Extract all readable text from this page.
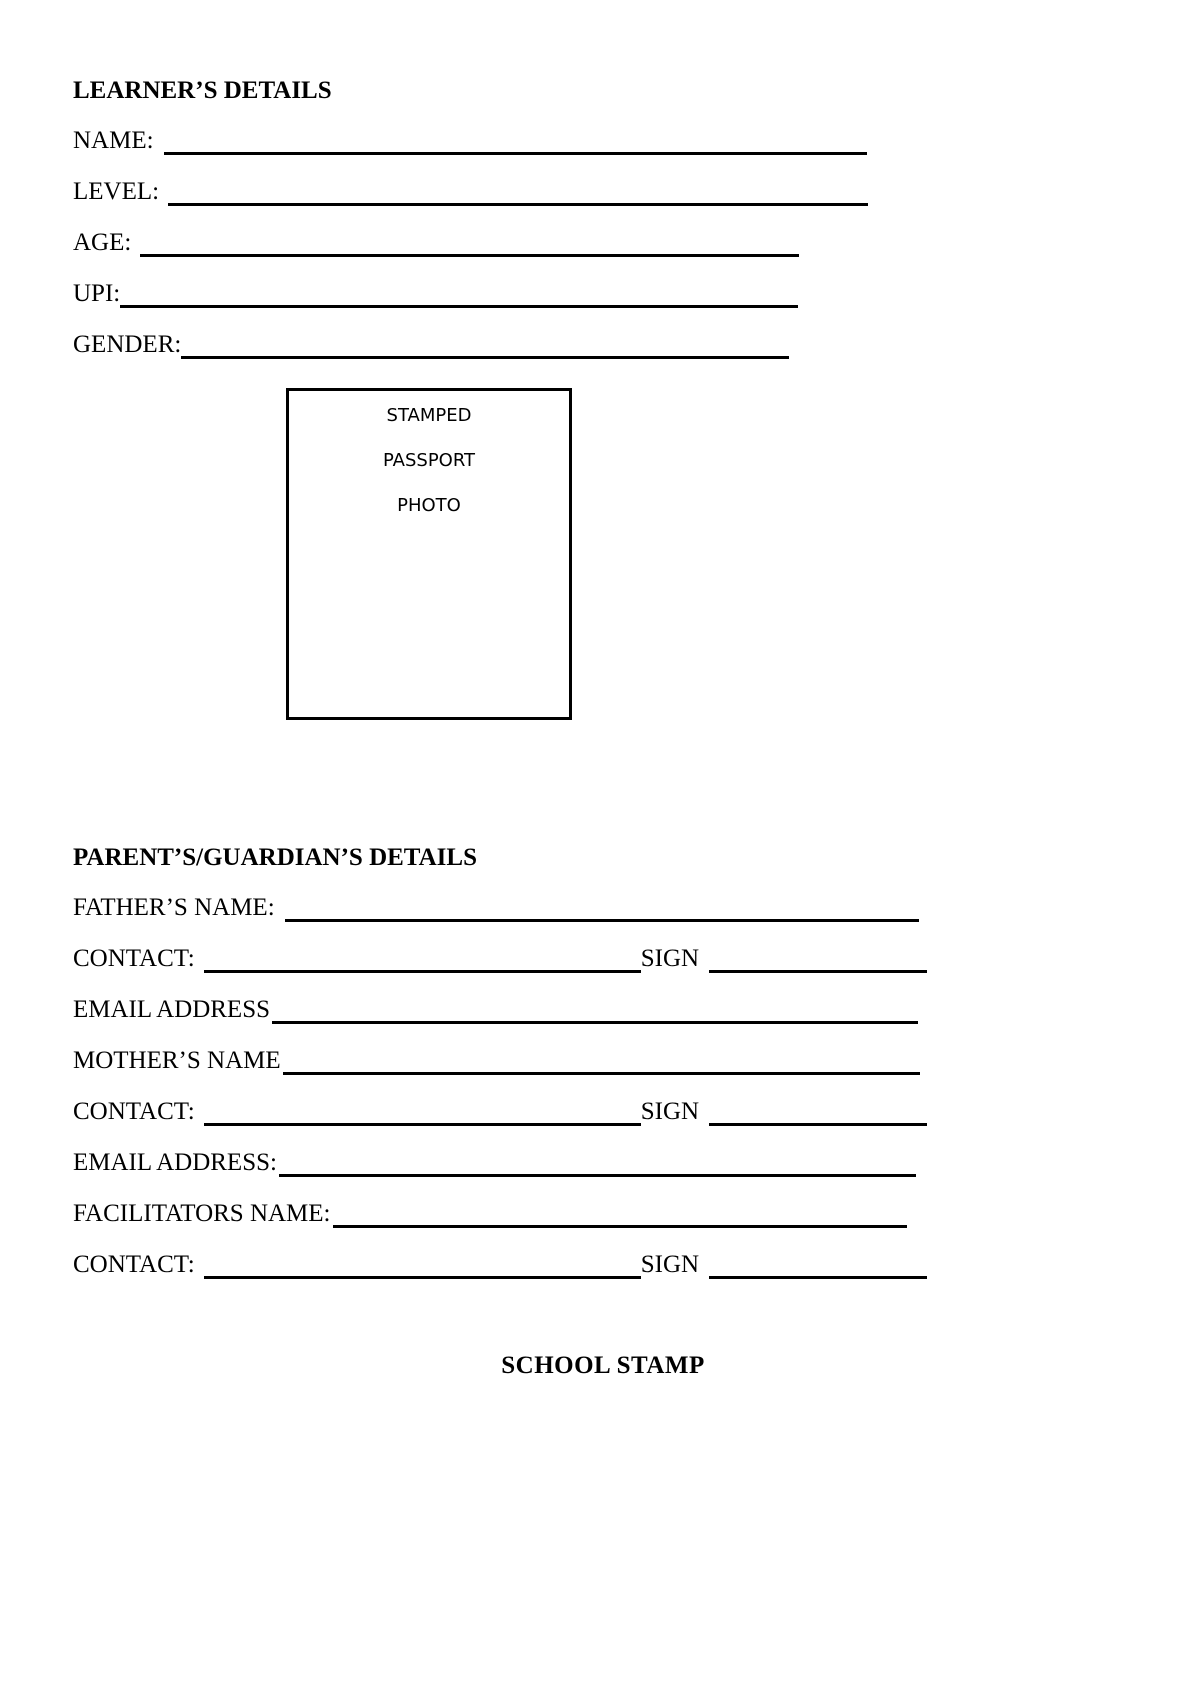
LEARNER’S DETAILS
NAME:
LEVEL:
AGE:
UPI:
GENDER:
STAMPED
PASSPORT
PHOTO
PARENT’S/GUARDIAN’S DETAILS
FATHER’S NAME:
CONTACT:	SIGN
EMAIL ADDRESS
MOTHER’S NAME
CONTACT:	SIGN
EMAIL ADDRESS:
FACILITATORS NAME:
CONTACT:	SIGN
SCHOOL STAMP
